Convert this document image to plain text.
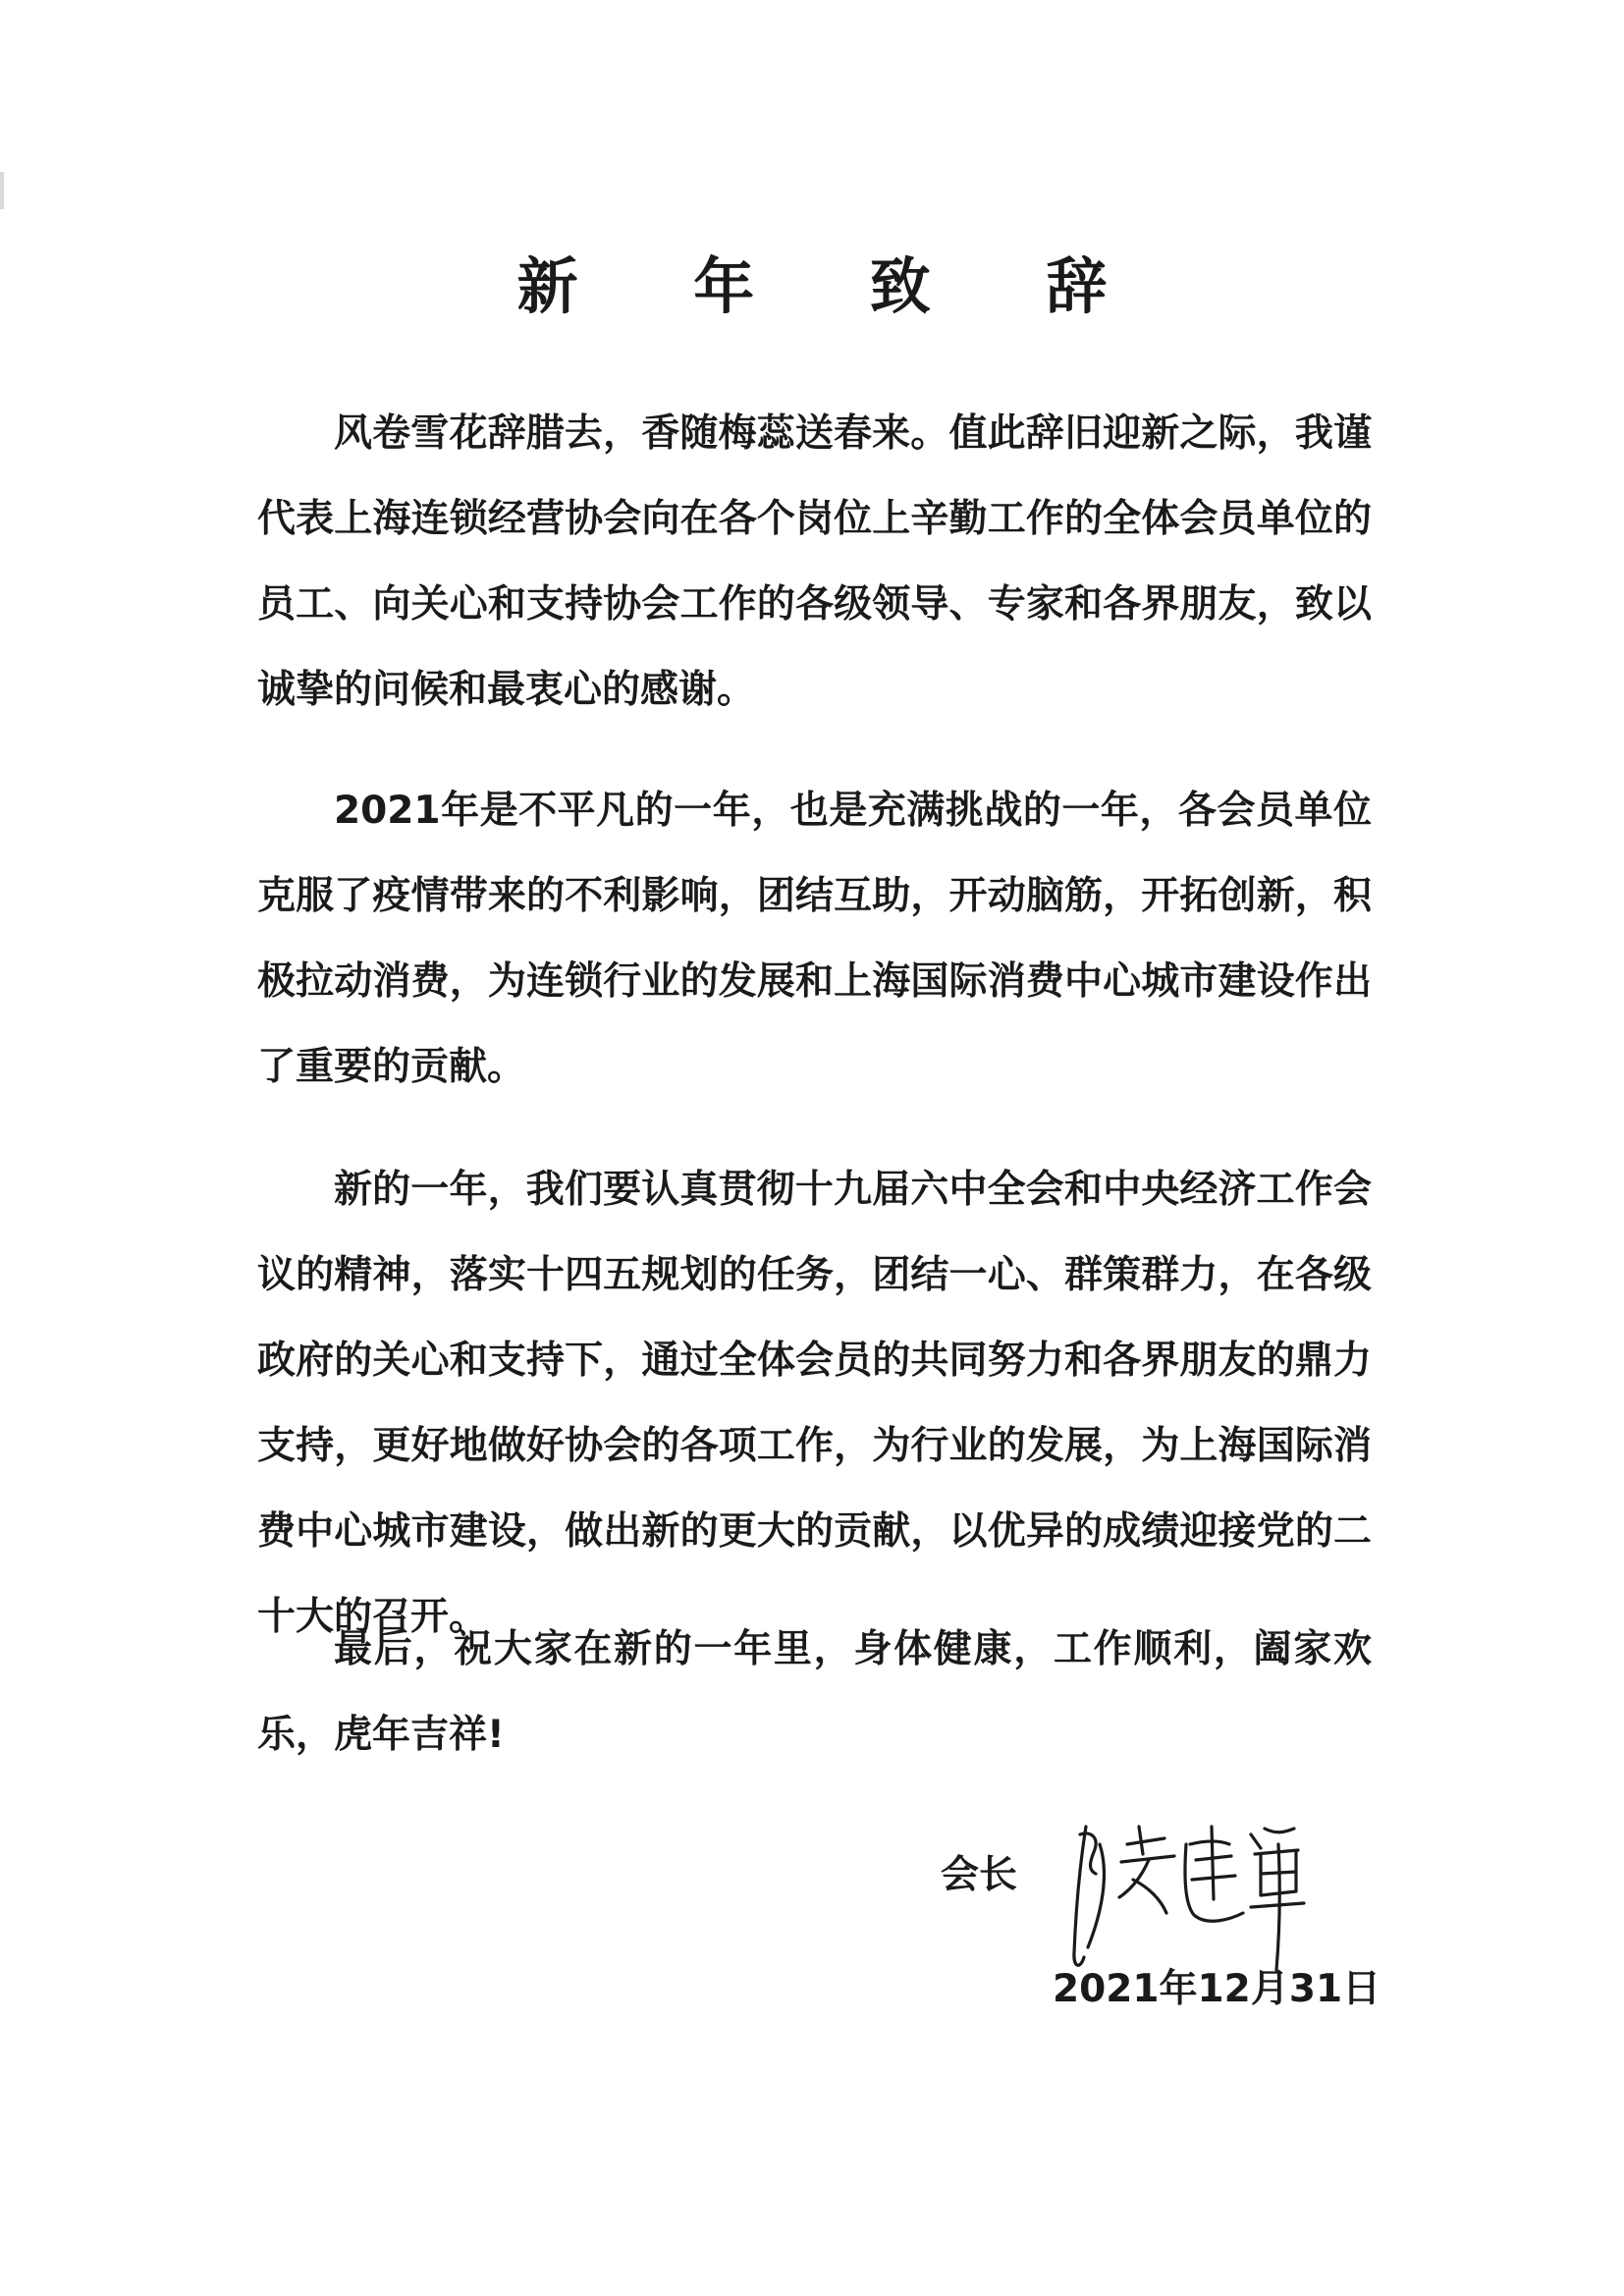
新 年 致 辞

风卷雪花辞腊去，香随梅蕊送春来。值此辞旧迎新之际，我谨代表上海连锁经营协会向在各个岗位上辛勤工作的全体会员单位的员工、向关心和支持协会工作的各级领导、专家和各界朋友，致以诚挚的问候和最衷心的感谢。

2021年是不平凡的一年，也是充满挑战的一年，各会员单位克服了疫情带来的不利影响，团结互助，开动脑筋，开拓创新，积极拉动消费，为连锁行业的发展和上海国际消费中心城市建设作出了重要的贡献。

新的一年，我们要认真贯彻十九届六中全会和中央经济工作会议的精神，落实十四五规划的任务，团结一心、群策群力，在各级政府的关心和支持下，通过全体会员的共同努力和各界朋友的鼎力支持，更好地做好协会的各项工作，为行业的发展，为上海国际消费中心城市建设，做出新的更大的贡献，以优异的成绩迎接党的二十大的召开。

最后，祝大家在新的一年里，身体健康，工作顺利，阖家欢乐，虎年吉祥!

会长
2021年12月31日
